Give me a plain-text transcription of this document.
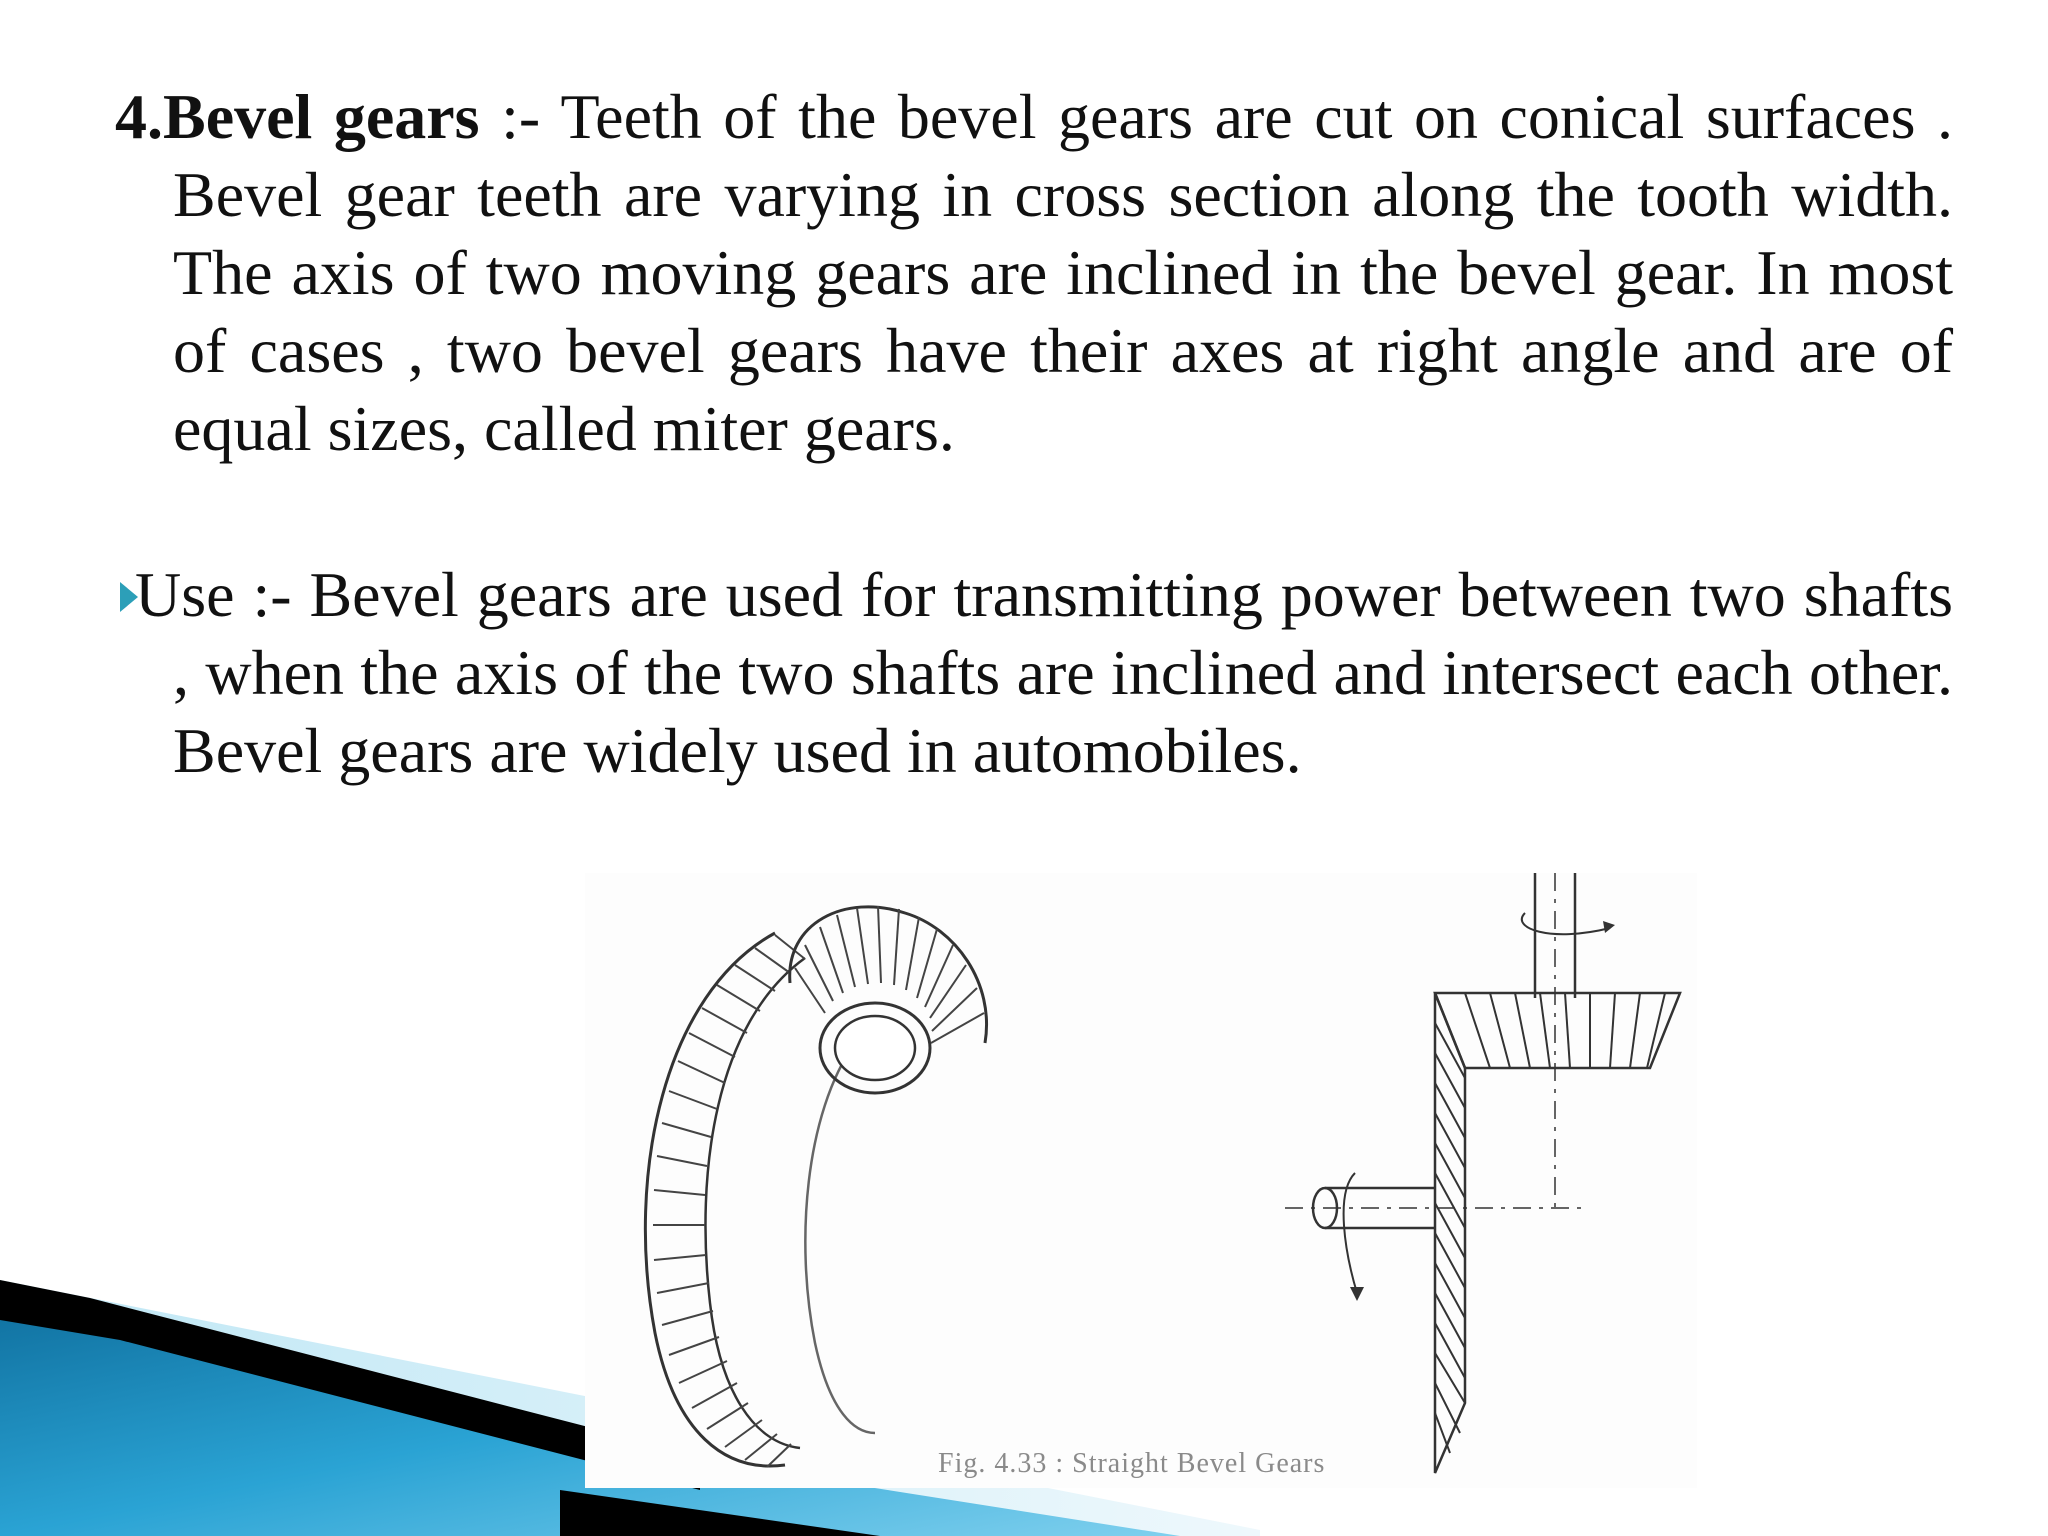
4.Bevel gears :- Teeth of the bevel gears are cut on conical surfaces . Bevel gear teeth are varying in cross section along the tooth width. The axis of two moving gears are inclined in the bevel gear. In most of cases , two bevel gears have their axes at right angle and are of equal sizes, called miter gears.

Use :- Bevel gears are used for transmitting power between two shafts , when the axis of the two shafts are inclined and intersect each other. Bevel gears are widely used in automobiles.

Fig. 4.33 : Straight Bevel Gears
